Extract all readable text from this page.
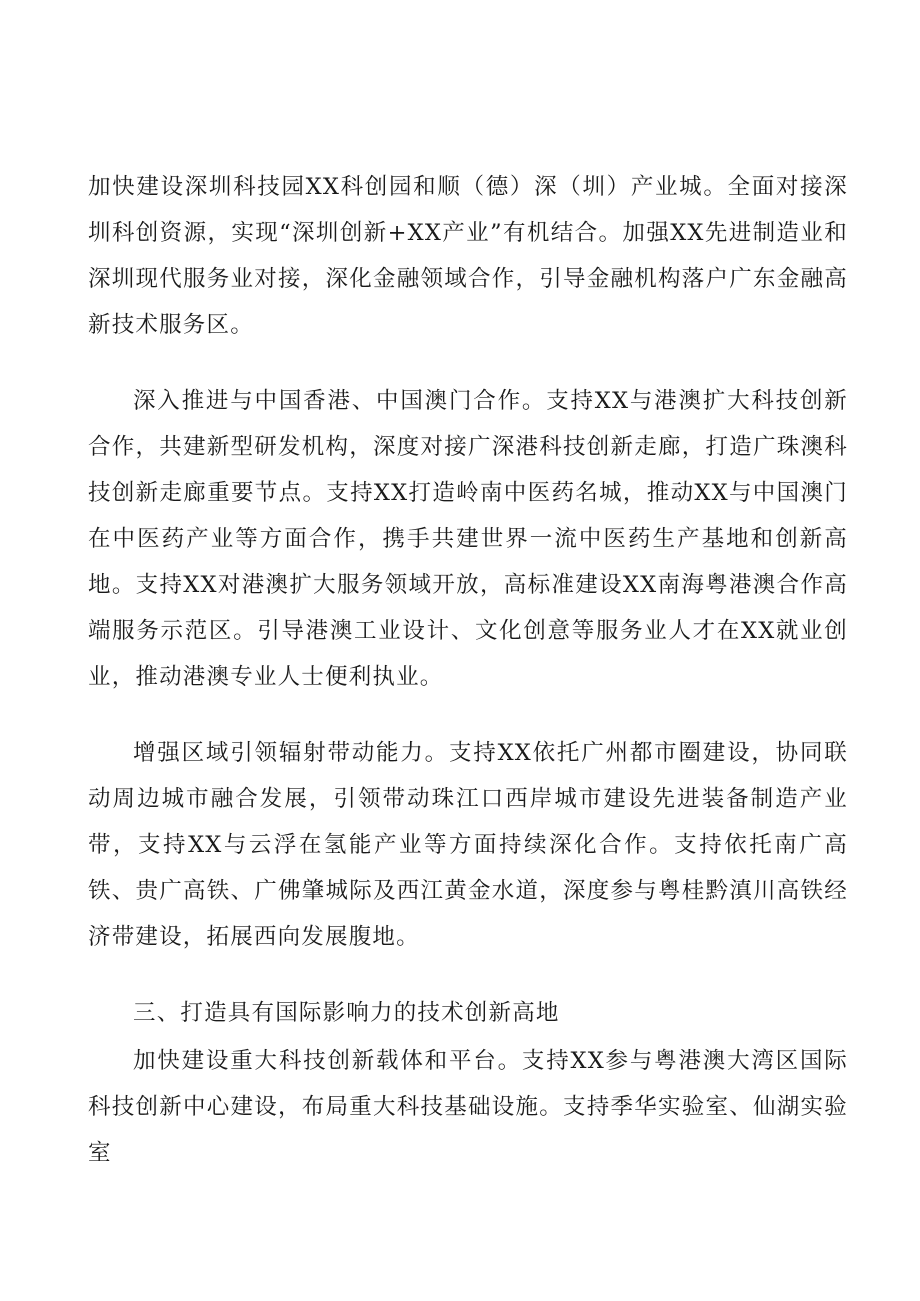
加快建设深圳科技园XX科创园和顺（德）深（圳）产业城。全面对接深圳科创资源，实现“深圳创新+XX产业”有机结合。加强XX先进制造业和深圳现代服务业对接，深化金融领域合作，引导金融机构落户广东金融高新技术服务区。

深入推进与中国香港、中国澳门合作。支持XX与港澳扩大科技创新合作，共建新型研发机构，深度对接广深港科技创新走廊，打造广珠澳科技创新走廊重要节点。支持XX打造岭南中医药名城，推动XX与中国澳门在中医药产业等方面合作，携手共建世界一流中医药生产基地和创新高地。支持XX对港澳扩大服务领域开放，高标准建设XX南海粤港澳合作高端服务示范区。引导港澳工业设计、文化创意等服务业人才在XX就业创业，推动港澳专业人士便利执业。

增强区域引领辐射带动能力。支持XX依托广州都市圈建设，协同联动周边城市融合发展，引领带动珠江口西岸城市建设先进装备制造产业带，支持XX与云浮在氢能产业等方面持续深化合作。支持依托南广高铁、贵广高铁、广佛肇城际及西江黄金水道，深度参与粤桂黔滇川高铁经济带建设，拓展西向发展腹地。

三、打造具有国际影响力的技术创新高地

加快建设重大科技创新载体和平台。支持XX参与粤港澳大湾区国际科技创新中心建设，布局重大科技基础设施。支持季华实验室、仙湖实验室
